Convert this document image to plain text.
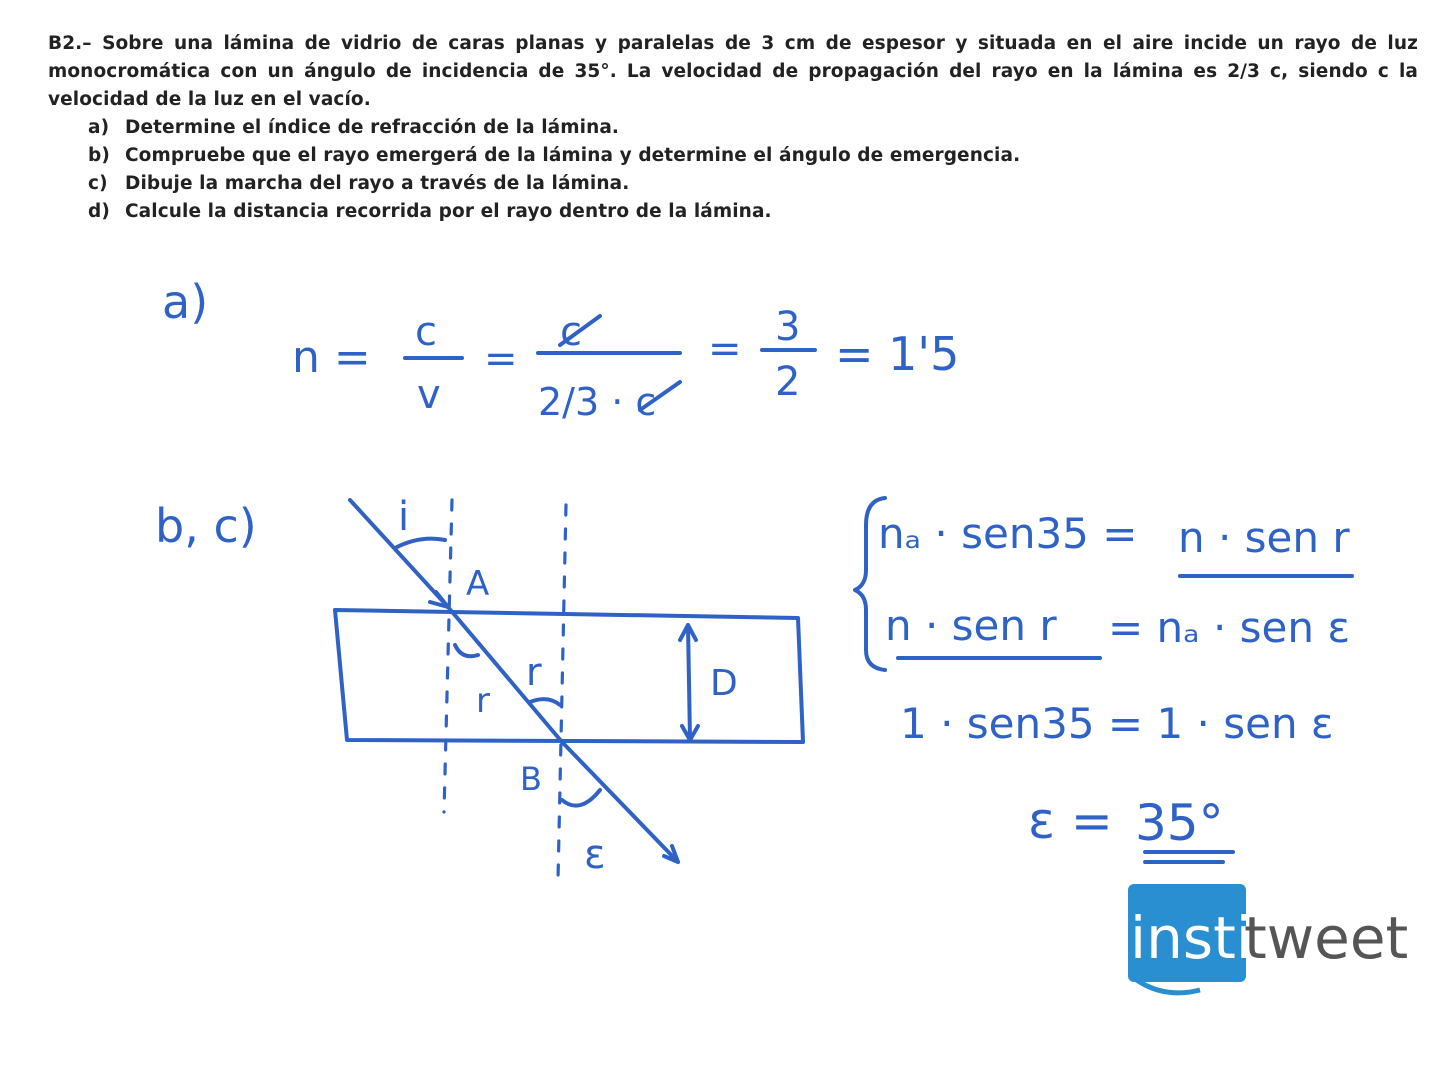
B2.– Sobre una lámina de vidrio de caras planas y paralelas de 3 cm de espesor y situada en el aire incide un rayo de luz monocromática con un ángulo de incidencia de 35°. La velocidad de propagación del rayo en la lámina es 2/3 c, siendo c la velocidad de la luz en el vacío.

a) Determine el índice de refracción de la lámina.
b) Compruebe que el rayo emergerá de la lámina y determine el ángulo de emergencia.
c) Dibuje la marcha del rayo a través de la lámina.
d) Calcule la distancia recorrida por el rayo dentro de la lámina.
a)
n = c
v
=
c
2/3 · c
= 3
2
= 1'5
b, c)	i
A
r
r	D
B
ε
nₐ · sen35 = n · sen r
n · sen r = nₐ · sen ε
1 · sen35 = 1 · sen ε
ε = 35°
insti
tweet
